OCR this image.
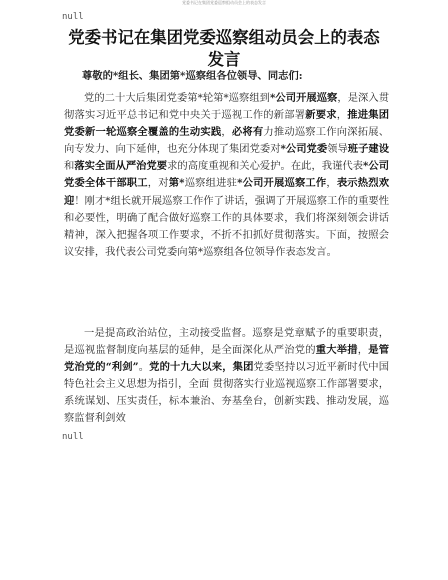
党委书记在集团党委巡察组动员会上的表态发言
null
党委书记在集团党委巡察组动员会上的表态发言

尊敬的*组长、集团第*巡察组各位领导、同志们:

党的二十大后集团党委第*轮第*巡察组到*公司开展巡察，是深入贯彻落实习近平总书记和党中央关于巡视工作的新部署新要求，推进集团党委新一轮巡察全覆盖的生动实践，必将有力推动巡察工作向深拓展、向专发力、向下延伸，也充分体现了集团党委对*公司党委领导班子建设和落实全面从严治党要求的高度重视和关心爱护。在此，我谨代表*公司党委全体干部职工，对第*巡察组进驻*公司开展巡察工作，表示热烈欢迎！刚才*组长就开展巡察工作作了讲话，强调了开展巡察工作的重要性和必要性，明确了配合做好巡察工作的具体要求，我们将深刻领会讲话精神，深入把握各项工作要求，不折不扣抓好贯彻落实。下面，按照会议安排，我代表公司党委向第*巡察组各位领导作表态发言。

一是提高政治站位，主动接受监督。巡察是党章赋予的重要职责，是巡视监督制度向基层的延伸，是全面深化从严治党的重大举措，是管党治党的“利剑”。党的十九大以来，集团党委坚持以习近平新时代中国特色社会主义思想为指引，全面 贯彻落实行业巡视巡察工作部署要求，系统谋划、压实责任，标本兼治、夯基垒台，创新实践、推动发展，巡察监督利剑效

null
